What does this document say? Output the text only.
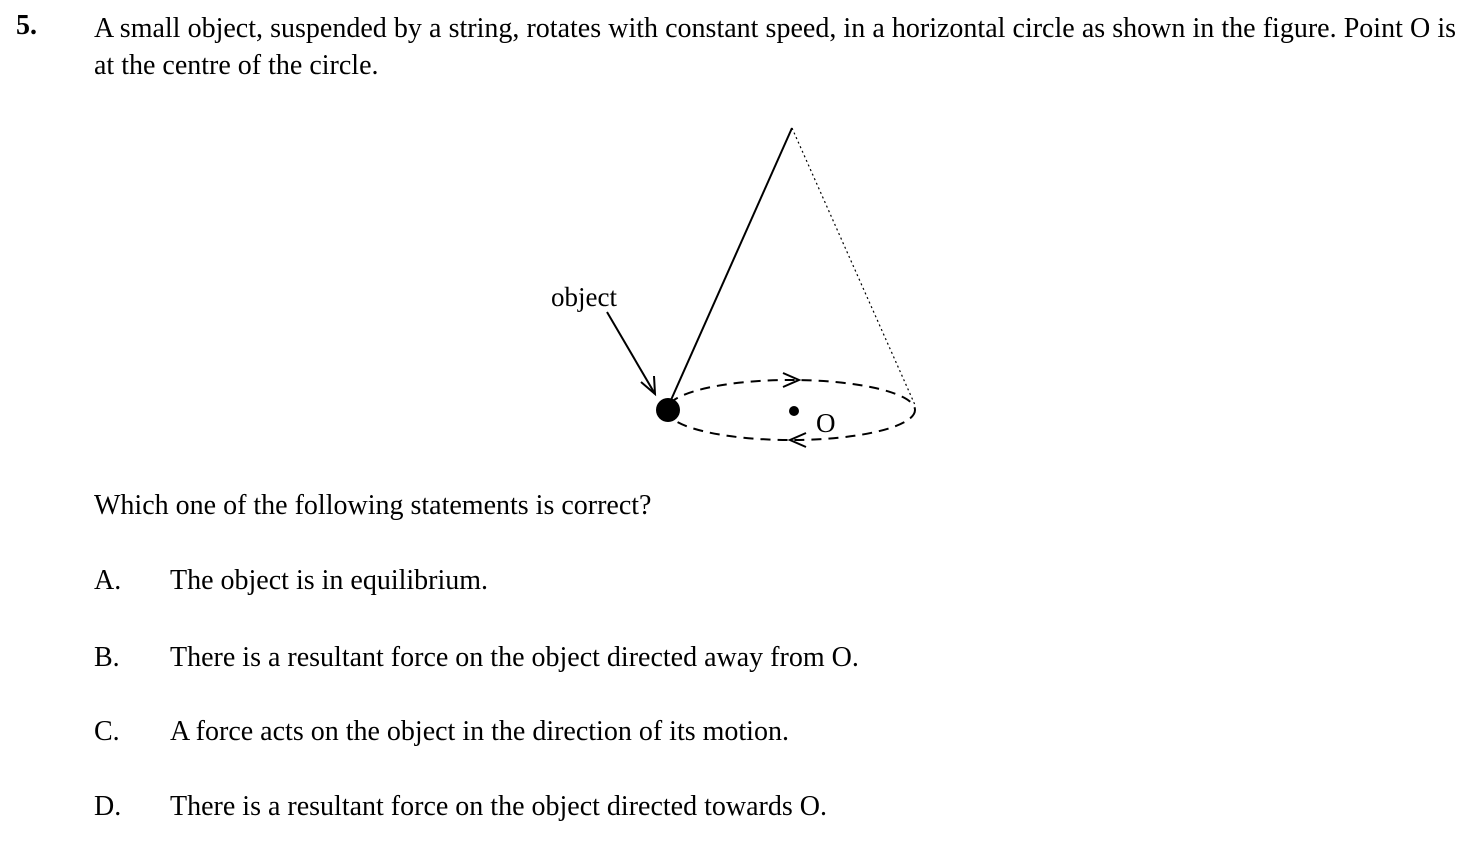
5. A small object, suspended by a string, rotates with constant speed, in a horizontal circle as shown in the figure. Point O is at the centre of the circle.
object
O
Which one of the following statements is correct?
A.	The object is in equilibrium.
B.	There is a resultant force on the object directed away from O.
C.	A force acts on the object in the direction of its motion.
D.	There is a resultant force on the object directed towards O.
